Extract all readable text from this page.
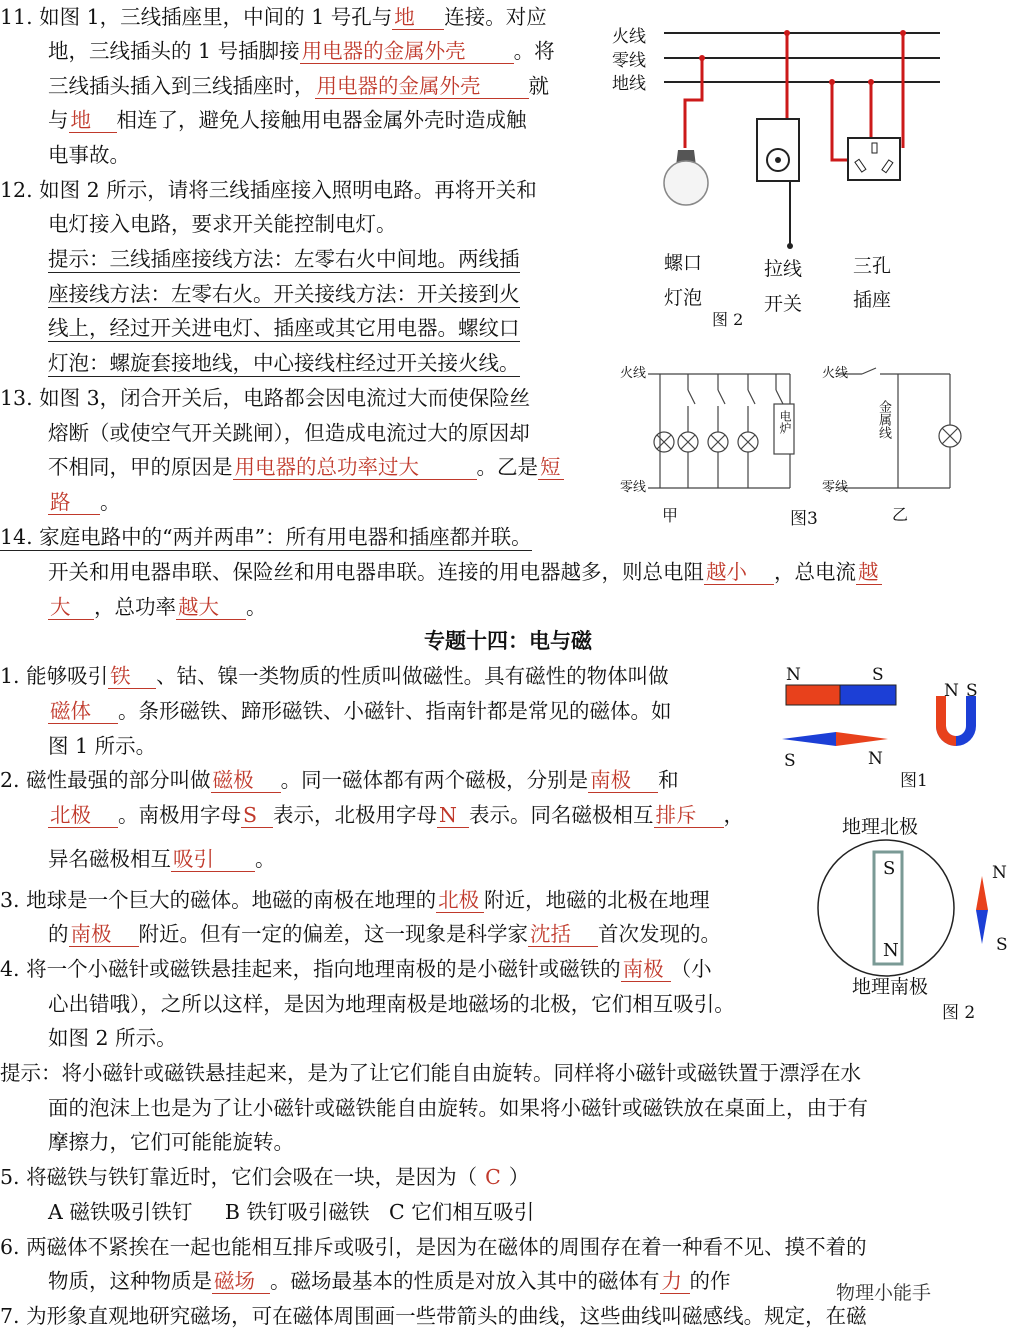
11. 如图 1，三线插座里，中间的 1 号孔与地 连接。对应
地，三线插头的 1 号插脚接用电器的金属外壳 。将
三线插头插入到三线插座时，用电器的金属外壳 就
与地 相连了，避免人接触用电器金属外壳时造成触
电事故。
12. 如图 2 所示，请将三线插座接入照明电路。再将开关和
电灯接入电路，要求开关能控制电灯。
提示：三线插座接线方法：左零右火中间地。两线插
座接线方法：左零右火。开关接线方法：开关接到火
线上，经过开关进电灯、插座或其它用电器。螺纹口
灯泡：螺旋套接地线，中心接线柱经过开关接火线。
13. 如图 3，闭合开关后，电路都会因电流过大而使保险丝
熔断（或使空气开关跳闸），但造成电流过大的原因却
不相同，甲的原因是用电器的总功率过大	。乙是短
路 。
14. 家庭电路中的“两并两串”：所有用电器和插座都并联。
开关和用电器串联、保险丝和用电器串联。连接的用电器越多，则总电阻越小 ，总电流越
大 ，总功率越大 。
专题十四：电与磁
1. 能够吸引铁 、钴、镍一类物质的性质叫做磁性。具有磁性的物体叫做
磁体 。条形磁铁、蹄形磁铁、小磁针、指南针都是常见的磁体。如
图 1 所示。
2. 磁性最强的部分叫做磁极 。同一磁体都有两个磁极，分别是南极 和
北极 。南极用字母S 表示，北极用字母N 表示。同名磁极相互排斥 ，
异名磁极相互吸引 。
3. 地球是一个巨大的磁体。地磁的南极在地理的北极 附近，地磁的北极在地理
的南极 附近。但有一定的偏差，这一现象是科学家沈括 首次发现的。
4. 将一个小磁针或磁铁悬挂起来，指向地理南极的是小磁针或磁铁的南极 （小
心出错哦），之所以这样，是因为地理南极是地磁场的北极，它们相互吸引。
如图 2 所示。
提示：将小磁针或磁铁悬挂起来，是为了让它们能自由旋转。同样将小磁针或磁铁置于漂浮在水
面的泡沫上也是为了让小磁针或磁铁能自由旋转。如果将小磁针或磁铁放在桌面上，由于有
摩擦力，它们可能能旋转。
5. 将磁铁与铁钉靠近时，它们会吸在一块，是因为（ C ）
A 磁铁吸引铁钉     B 铁钉吸引磁铁   C 它们相互吸引
6. 两磁体不紧挨在一起也能相互排斥或吸引，是因为在磁体的周围存在着一种看不见、摸不着的
物质，这种物质是磁场 。磁场最基本的性质是对放入其中的磁体有力 的作
7. 为形象直观地研究磁场，可在磁体周围画一些带箭头的曲线，这些曲线叫磁感线。规定，在磁
火线
零线
地线
螺口
灯泡
拉线
开关
三孔
插座
图 2
火线
零线
电炉
甲	图3
火线
零线
金属线
乙
N	S
N
S
N S
图1
地理北极
地理南极
S
N
N
S
图 2
物理小能手
